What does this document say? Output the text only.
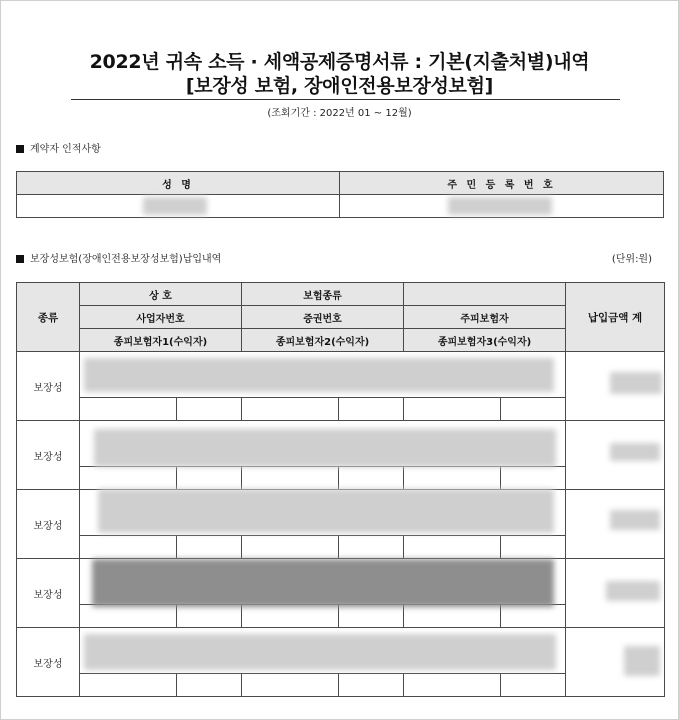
2022년 귀속 소득 · 세액공제증명서류 : 기본(지출처별)내역
[보장성 보험, 장애인전용보장성보험]
(조회기간 : 2022년 01 ~ 12월)
계약자 인적사항
성 명	주 민 등 록 번 호

보장성보험(장애인전용보장성보험)납입내역	(단위:원)
종류	상 호		보험종류				납입금액 계
	사업자번호		증권번호		주피보험자		
	종피보험자1(수익자)		종피보험자2(수익자)		종피보험자3(수익자)		
보장성						

보장성						

보장성						

보장성						

보장성						
